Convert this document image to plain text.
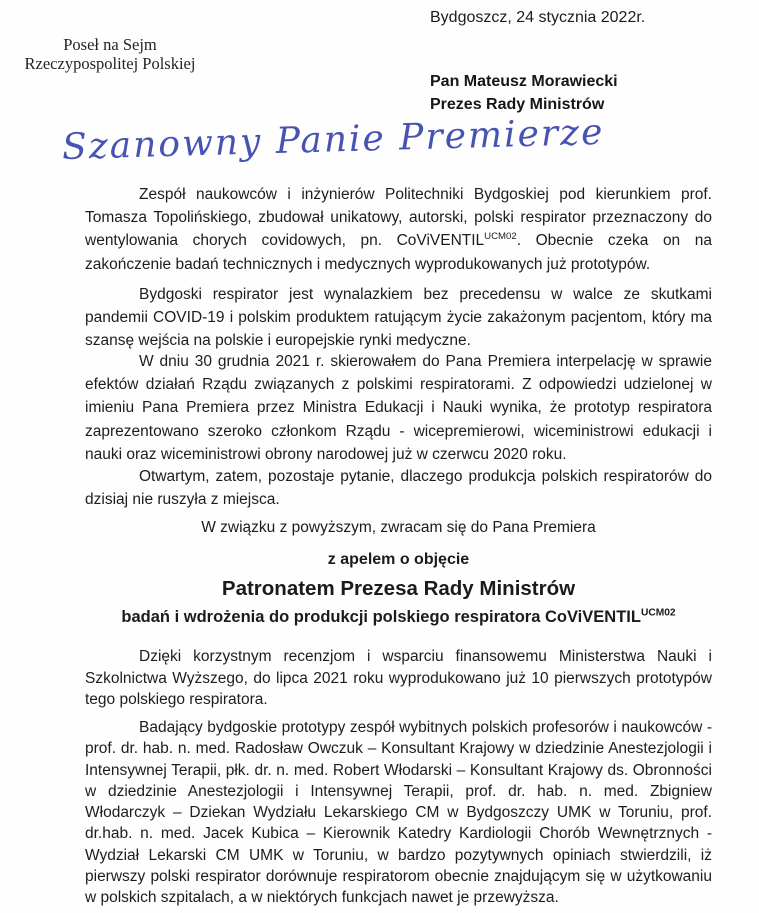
Bydgoszcz, 24 stycznia 2022r.
Poseł na Sejm
Rzeczypospolitej Polskiej
Pan Mateusz Morawiecki
Prezes Rady Ministrów
Szanowny Panie Premierze

Zespół naukowców i inżynierów Politechniki Bydgoskiej pod kierunkiem prof. Tomasza Topolińskiego, zbudował unikatowy, autorski, polski respirator przeznaczony do wentylowania chorych covidowych, pn. CoViVENTIL$^{UCM02}$. Obecnie czeka on na zakończenie badań technicznych i medycznych wyprodukowanych już prototypów.

Bydgoski respirator jest wynalazkiem bez precedensu w walce ze skutkami pandemii COVID-19 i polskim produktem ratującym życie zakażonym pacjentom, który ma szansę wejścia na polskie i europejskie rynki medyczne.

W dniu 30 grudnia 2021 r. skierowałem do Pana Premiera interpelację w sprawie efektów działań Rządu związanych z polskimi respiratorami. Z odpowiedzi udzielonej w imieniu Pana Premiera przez Ministra Edukacji i Nauki wynika, że prototyp respiratora zaprezentowano szeroko członkom Rządu - wicepremierowi, wiceministrowi edukacji i nauki oraz wiceministrowi obrony narodowej już w czerwcu 2020 roku.

Otwartym, zatem, pozostaje pytanie, dlaczego produkcja polskich respiratorów do dzisiaj nie ruszyła z miejsca.

W związku z powyższym, zwracam się do Pana Premiera

z apelem o objęcie

Patronatem Prezesa Rady Ministrów

badań i wdrożenia do produkcji polskiego respiratora CoViVENTIL$^{UCM02}$

Dzięki korzystnym recenzjom i wsparciu finansowemu Ministerstwa Nauki i Szkolnictwa Wyższego, do lipca 2021 roku wyprodukowano już 10 pierwszych prototypów tego polskiego respiratora.

Badający bydgoskie prototypy zespół wybitnych polskich profesorów i naukowców - prof. dr. hab. n. med. Radosław Owczuk – Konsultant Krajowy w dziedzinie Anestezjologii i Intensywnej Terapii, płk. dr. n. med. Robert Włodarski – Konsultant Krajowy ds. Obronności w dziedzinie Anestezjologii i Intensywnej Terapii, prof. dr. hab. n. med. Zbigniew Włodarczyk – Dziekan Wydziału Lekarskiego CM w Bydgoszczy UMK w Toruniu, prof. dr.hab. n. med. Jacek Kubica – Kierownik Katedry Kardiologii Chorób Wewnętrznych - Wydział Lekarski CM UMK w Toruniu, w bardzo pozytywnych opiniach stwierdzili, iż pierwszy polski respirator dorównuje respiratorom obecnie znajdującym się w użytkowaniu w polskich szpitalach, a w niektórych funkcjach nawet je przewyższa.
